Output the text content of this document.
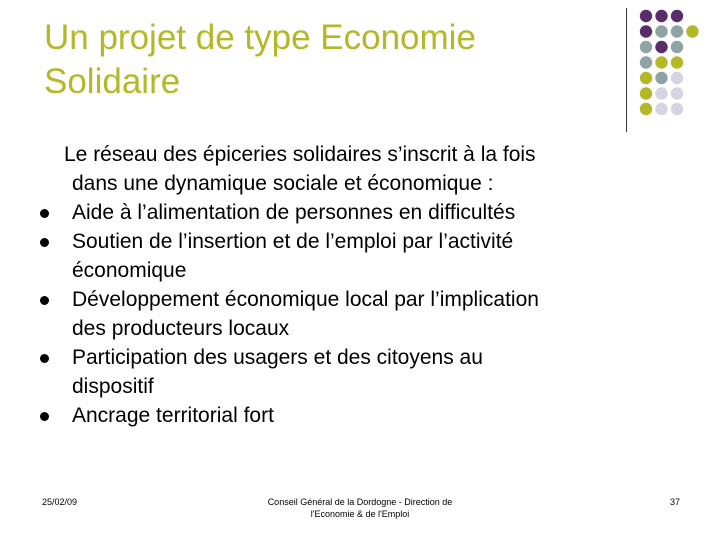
Un projet de type Economie
Solidaire
Le réseau des épiceries solidaires s’inscrit à la fois
dans une dynamique sociale et économique :
Aide à l’alimentation de personnes en difficultés
Soutien de l’insertion et de l’emploi par l’activité
économique
Développement économique local par l’implication
des producteurs locaux
Participation des usagers et des citoyens au
dispositif
Ancrage territorial fort
25/02/09	Conseil Général de la Dordogne - Direction de
l'Economie & de l'Emploi
37
